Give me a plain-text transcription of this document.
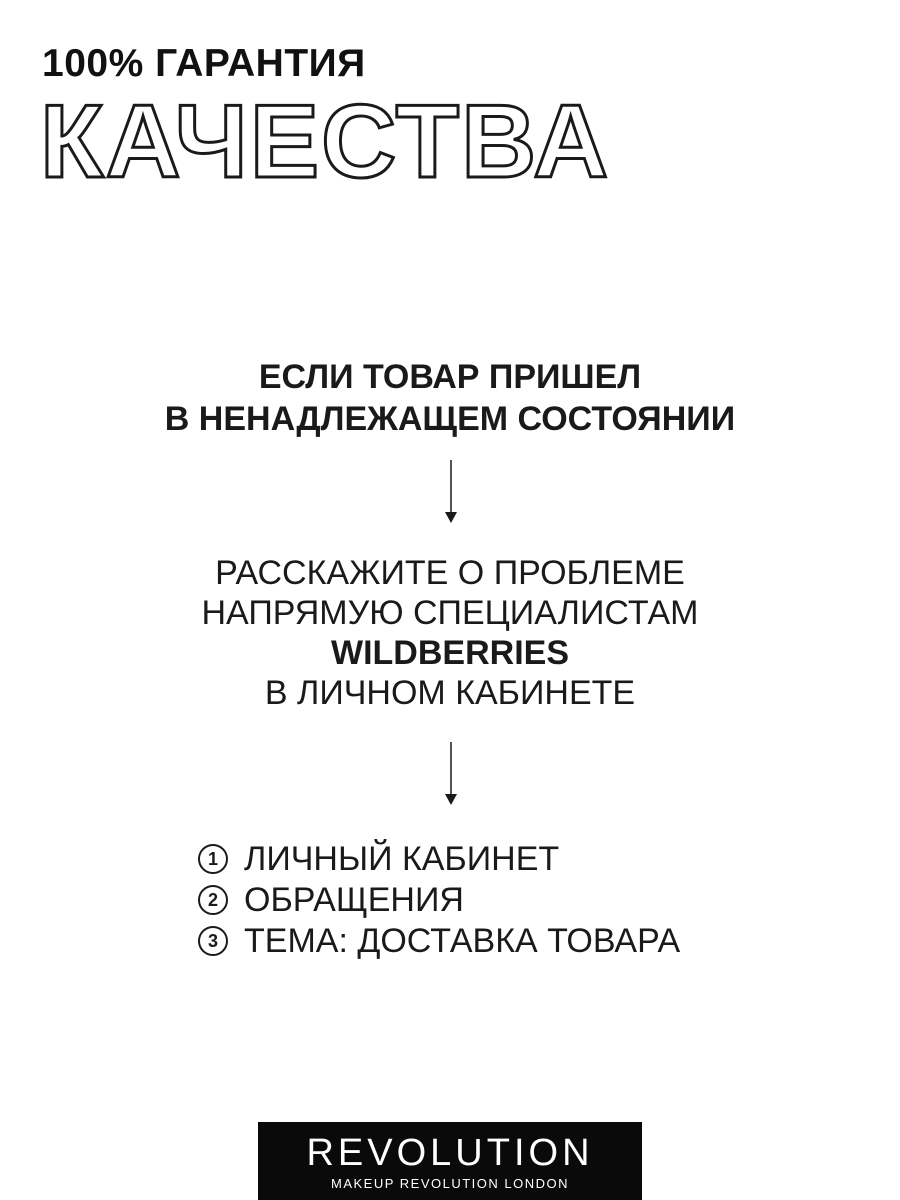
100% ГАРАНТИЯ
КАЧЕСТВА
ЕСЛИ ТОВАР ПРИШЕЛ
В НЕНАДЛЕЖАЩЕМ СОСТОЯНИИ
РАССКАЖИТЕ О ПРОБЛЕМЕ
НАПРЯМУЮ СПЕЦИАЛИСТАМ
WILDBERRIES
В ЛИЧНОМ КАБИНЕТЕ
1 ЛИЧНЫЙ КАБИНЕТ
2 ОБРАЩЕНИЯ
3 ТЕМА: ДОСТАВКА ТОВАРА
REVOLUTION
MAKEUP REVOLUTION LONDON
